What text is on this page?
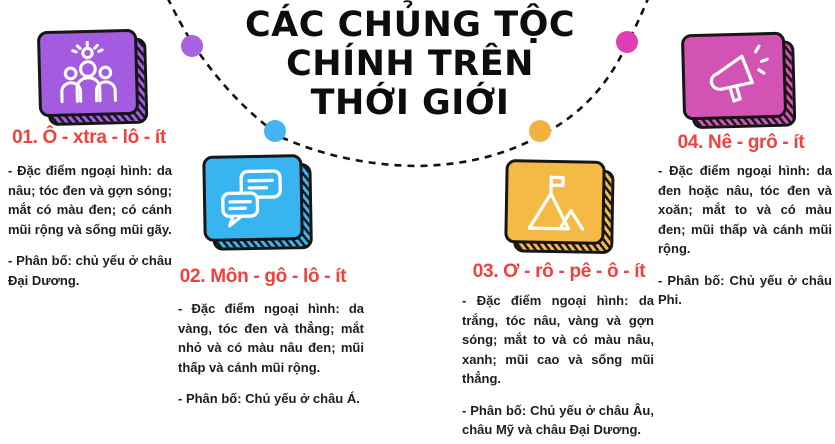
CÁC CHỦNG TỘC
CHÍNH TRÊN
THỚI GIỚI
01. Ô - xtra - lô - ít

- Đặc điểm ngoại hình: da nâu; tóc đen và gợn sóng; mắt có màu đen; có cánh mũi rộng và sống mũi gãy.

- Phân bố: chủ yếu ở châu Đại Dương.	02. Môn - gô - lô - ít

- Đặc điểm ngoại hình: da vàng, tóc đen và thẳng; mắt nhỏ và có màu nâu đen; mũi thấp và cánh mũi rộng.

- Phân bố: Chủ yếu ở châu Á.

03. Ơ - rô - pê - ô - ít

- Đặc điểm ngoại hình: da trắng, tóc nâu, vàng và gợn sóng; mắt to và có màu nâu, xanh; mũi cao và sống mũi thẳng.

- Phân bố: Chủ yếu ở châu Âu, châu Mỹ và châu Đại Dương.

04. Nê - grô - ít

- Đặc điểm ngoại hình: da đen hoặc nâu, tóc đen và xoăn; mắt to và có màu đen; mũi thấp và cánh mũi rộng.

- Phân bố: Chủ yếu ở châu Phi.
